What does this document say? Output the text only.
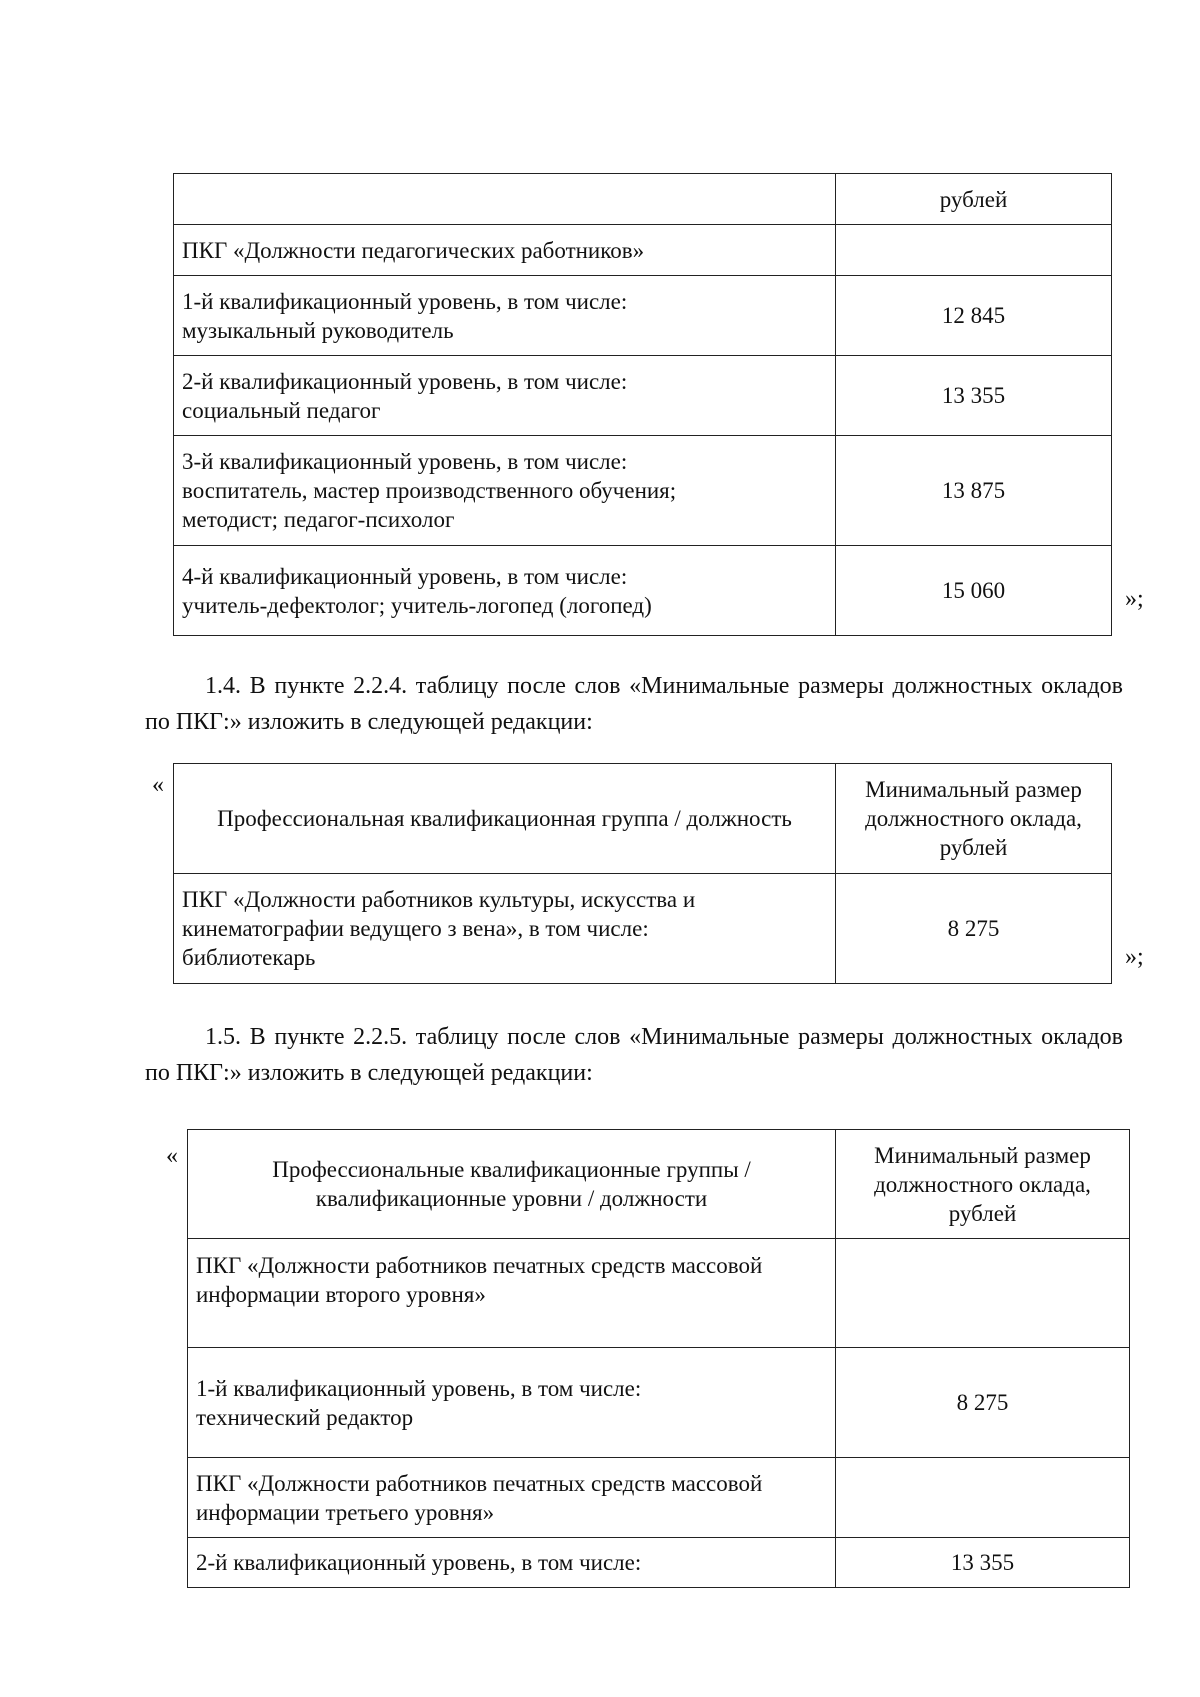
	рублей
ПКГ «Должности педагогических работников»	

1-й квалификационный уровень, в том числе:
музыкальный руководитель	12 845

2-й квалификационный уровень, в том числе:
социальный педагог	13 355

3-й квалификационный уровень, в том числе:
воспитатель, мастер производственного обучения;
методист; педагог-психолог	13 875

4-й квалификационный уровень, в том числе:
учитель-дефектолог; учитель-логопед (логопед)	15 060	»;
1.4. В пункте 2.2.4. таблицу после слов «Минимальные размеры должностных окладов по ПКГ:» изложить в следующей редакции:
«
Профессиональная квалификационная группа / должность	Минимальный размер
должностного оклада,
рублей

ПКГ «Должности работников культуры, искусства и
кинематографии ведущего з вена», в том числе:
библиотекарь	8 275
»;
1.5. В пункте 2.2.5. таблицу после слов «Минимальные размеры должностных окладов по ПКГ:» изложить в следующей редакции:
«
Профессиональные квалификационные группы /
квалификационные уровни / должности	Минимальный размер
должностного оклада,
рублей

ПКГ «Должности работников печатных средств массовой
информации второго уровня»	

1-й квалификационный уровень, в том числе:
технический редактор	8 275

ПКГ «Должности работников печатных средств массовой
информации третьего уровня»	

2-й квалификационный уровень, в том числе:	13 355
